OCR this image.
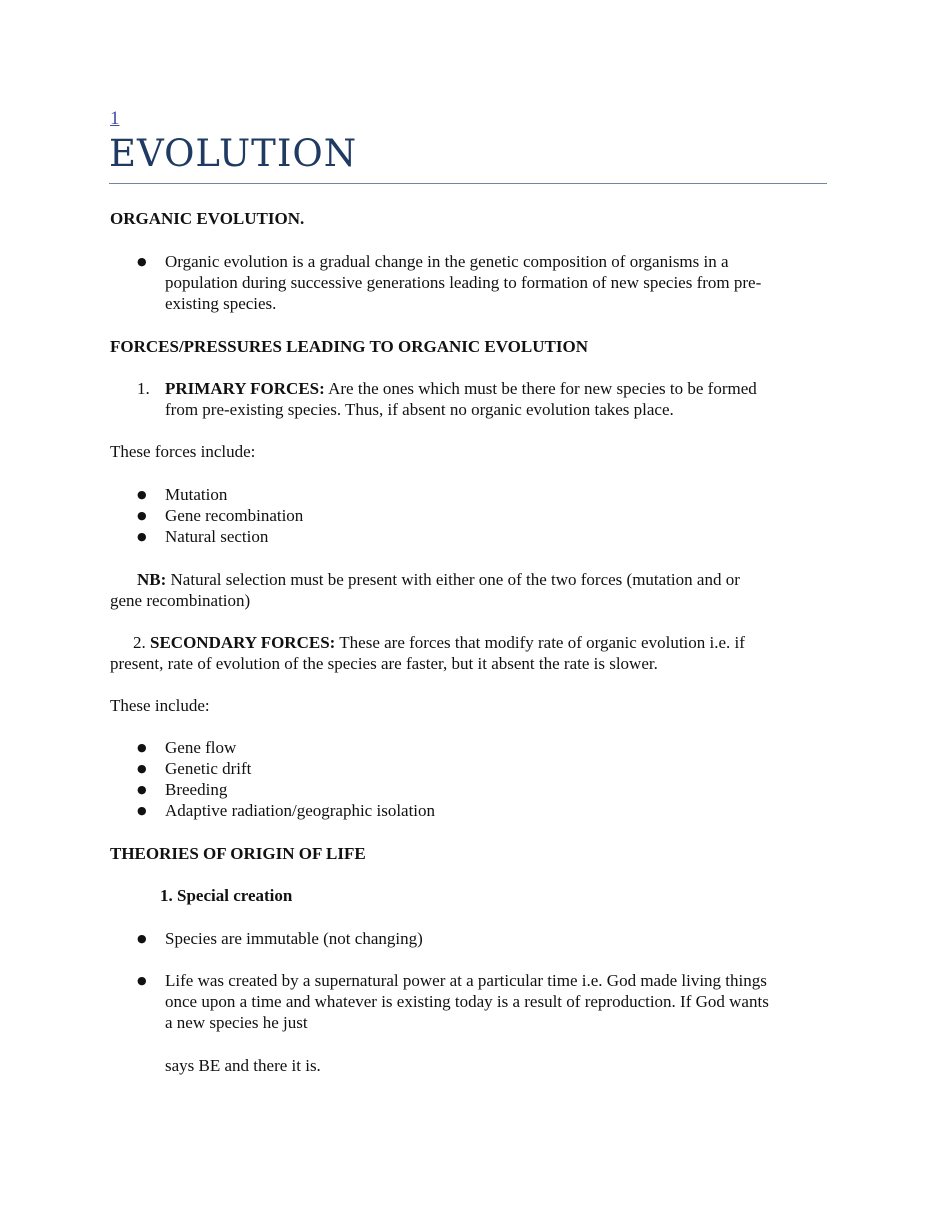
1
EVOLUTION
ORGANIC EVOLUTION.
● Organic evolution is a gradual change in the genetic composition of organisms in a
population during successive generations leading to formation of new species from pre-
existing species.
FORCES/PRESSURES LEADING TO ORGANIC EVOLUTION
1. PRIMARY FORCES: Are the ones which must be there for new species to be formed
from pre-existing species. Thus, if absent no organic evolution takes place.
These forces include:
● Mutation
● Gene recombination
● Natural section
NB: Natural selection must be present with either one of the two forces (mutation and or
gene recombination)
2. SECONDARY FORCES: These are forces that modify rate of organic evolution i.e. if
present, rate of evolution of the species are faster, but it absent the rate is slower.
These include:
● Gene flow
● Genetic drift
● Breeding
● Adaptive radiation/geographic isolation
THEORIES OF ORIGIN OF LIFE
1. Special creation
● Species are immutable (not changing)
● Life was created by a supernatural power at a particular time i.e. God made living things
once upon a time and whatever is existing today is a result of reproduction. If God wants
a new species he just
says BE and there it is.
